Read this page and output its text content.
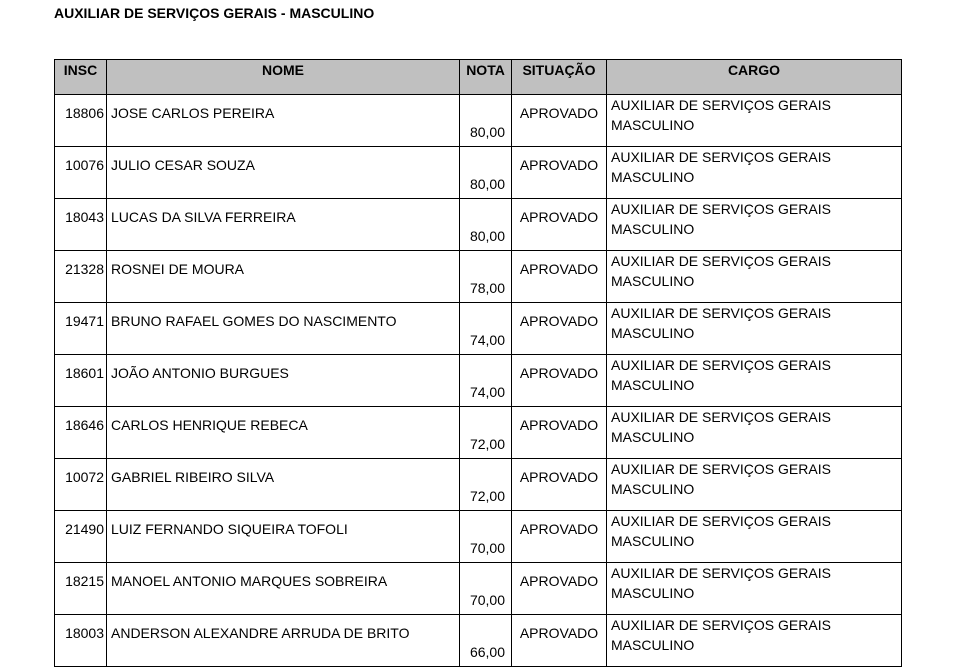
AUXILIAR DE SERVIÇOS GERAIS - MASCULINO
INSC	NOME	NOTA	SITUAÇÃO	CARGO

18806	JOSE CARLOS PEREIRA	80,00	APROVADO	AUXILIAR DE SERVIÇOS GERAIS
MASCULINO

10076	JULIO CESAR SOUZA	80,00	APROVADO	AUXILIAR DE SERVIÇOS GERAIS
MASCULINO

18043	LUCAS DA SILVA FERREIRA	80,00	APROVADO	AUXILIAR DE SERVIÇOS GERAIS
MASCULINO

21328	ROSNEI DE MOURA	78,00	APROVADO	AUXILIAR DE SERVIÇOS GERAIS
MASCULINO

19471	BRUNO RAFAEL GOMES DO NASCIMENTO	74,00	APROVADO	AUXILIAR DE SERVIÇOS GERAIS
MASCULINO

18601	JOÃO ANTONIO BURGUES	74,00	APROVADO	AUXILIAR DE SERVIÇOS GERAIS
MASCULINO

18646	CARLOS HENRIQUE REBECA	72,00	APROVADO	AUXILIAR DE SERVIÇOS GERAIS
MASCULINO

10072	GABRIEL RIBEIRO SILVA	72,00	APROVADO	AUXILIAR DE SERVIÇOS GERAIS
MASCULINO

21490	LUIZ FERNANDO SIQUEIRA TOFOLI	70,00	APROVADO	AUXILIAR DE SERVIÇOS GERAIS
MASCULINO

18215	MANOEL ANTONIO MARQUES SOBREIRA	70,00	APROVADO	AUXILIAR DE SERVIÇOS GERAIS
MASCULINO

18003	ANDERSON ALEXANDRE ARRUDA DE BRITO	66,00	APROVADO	AUXILIAR DE SERVIÇOS GERAIS
MASCULINO
